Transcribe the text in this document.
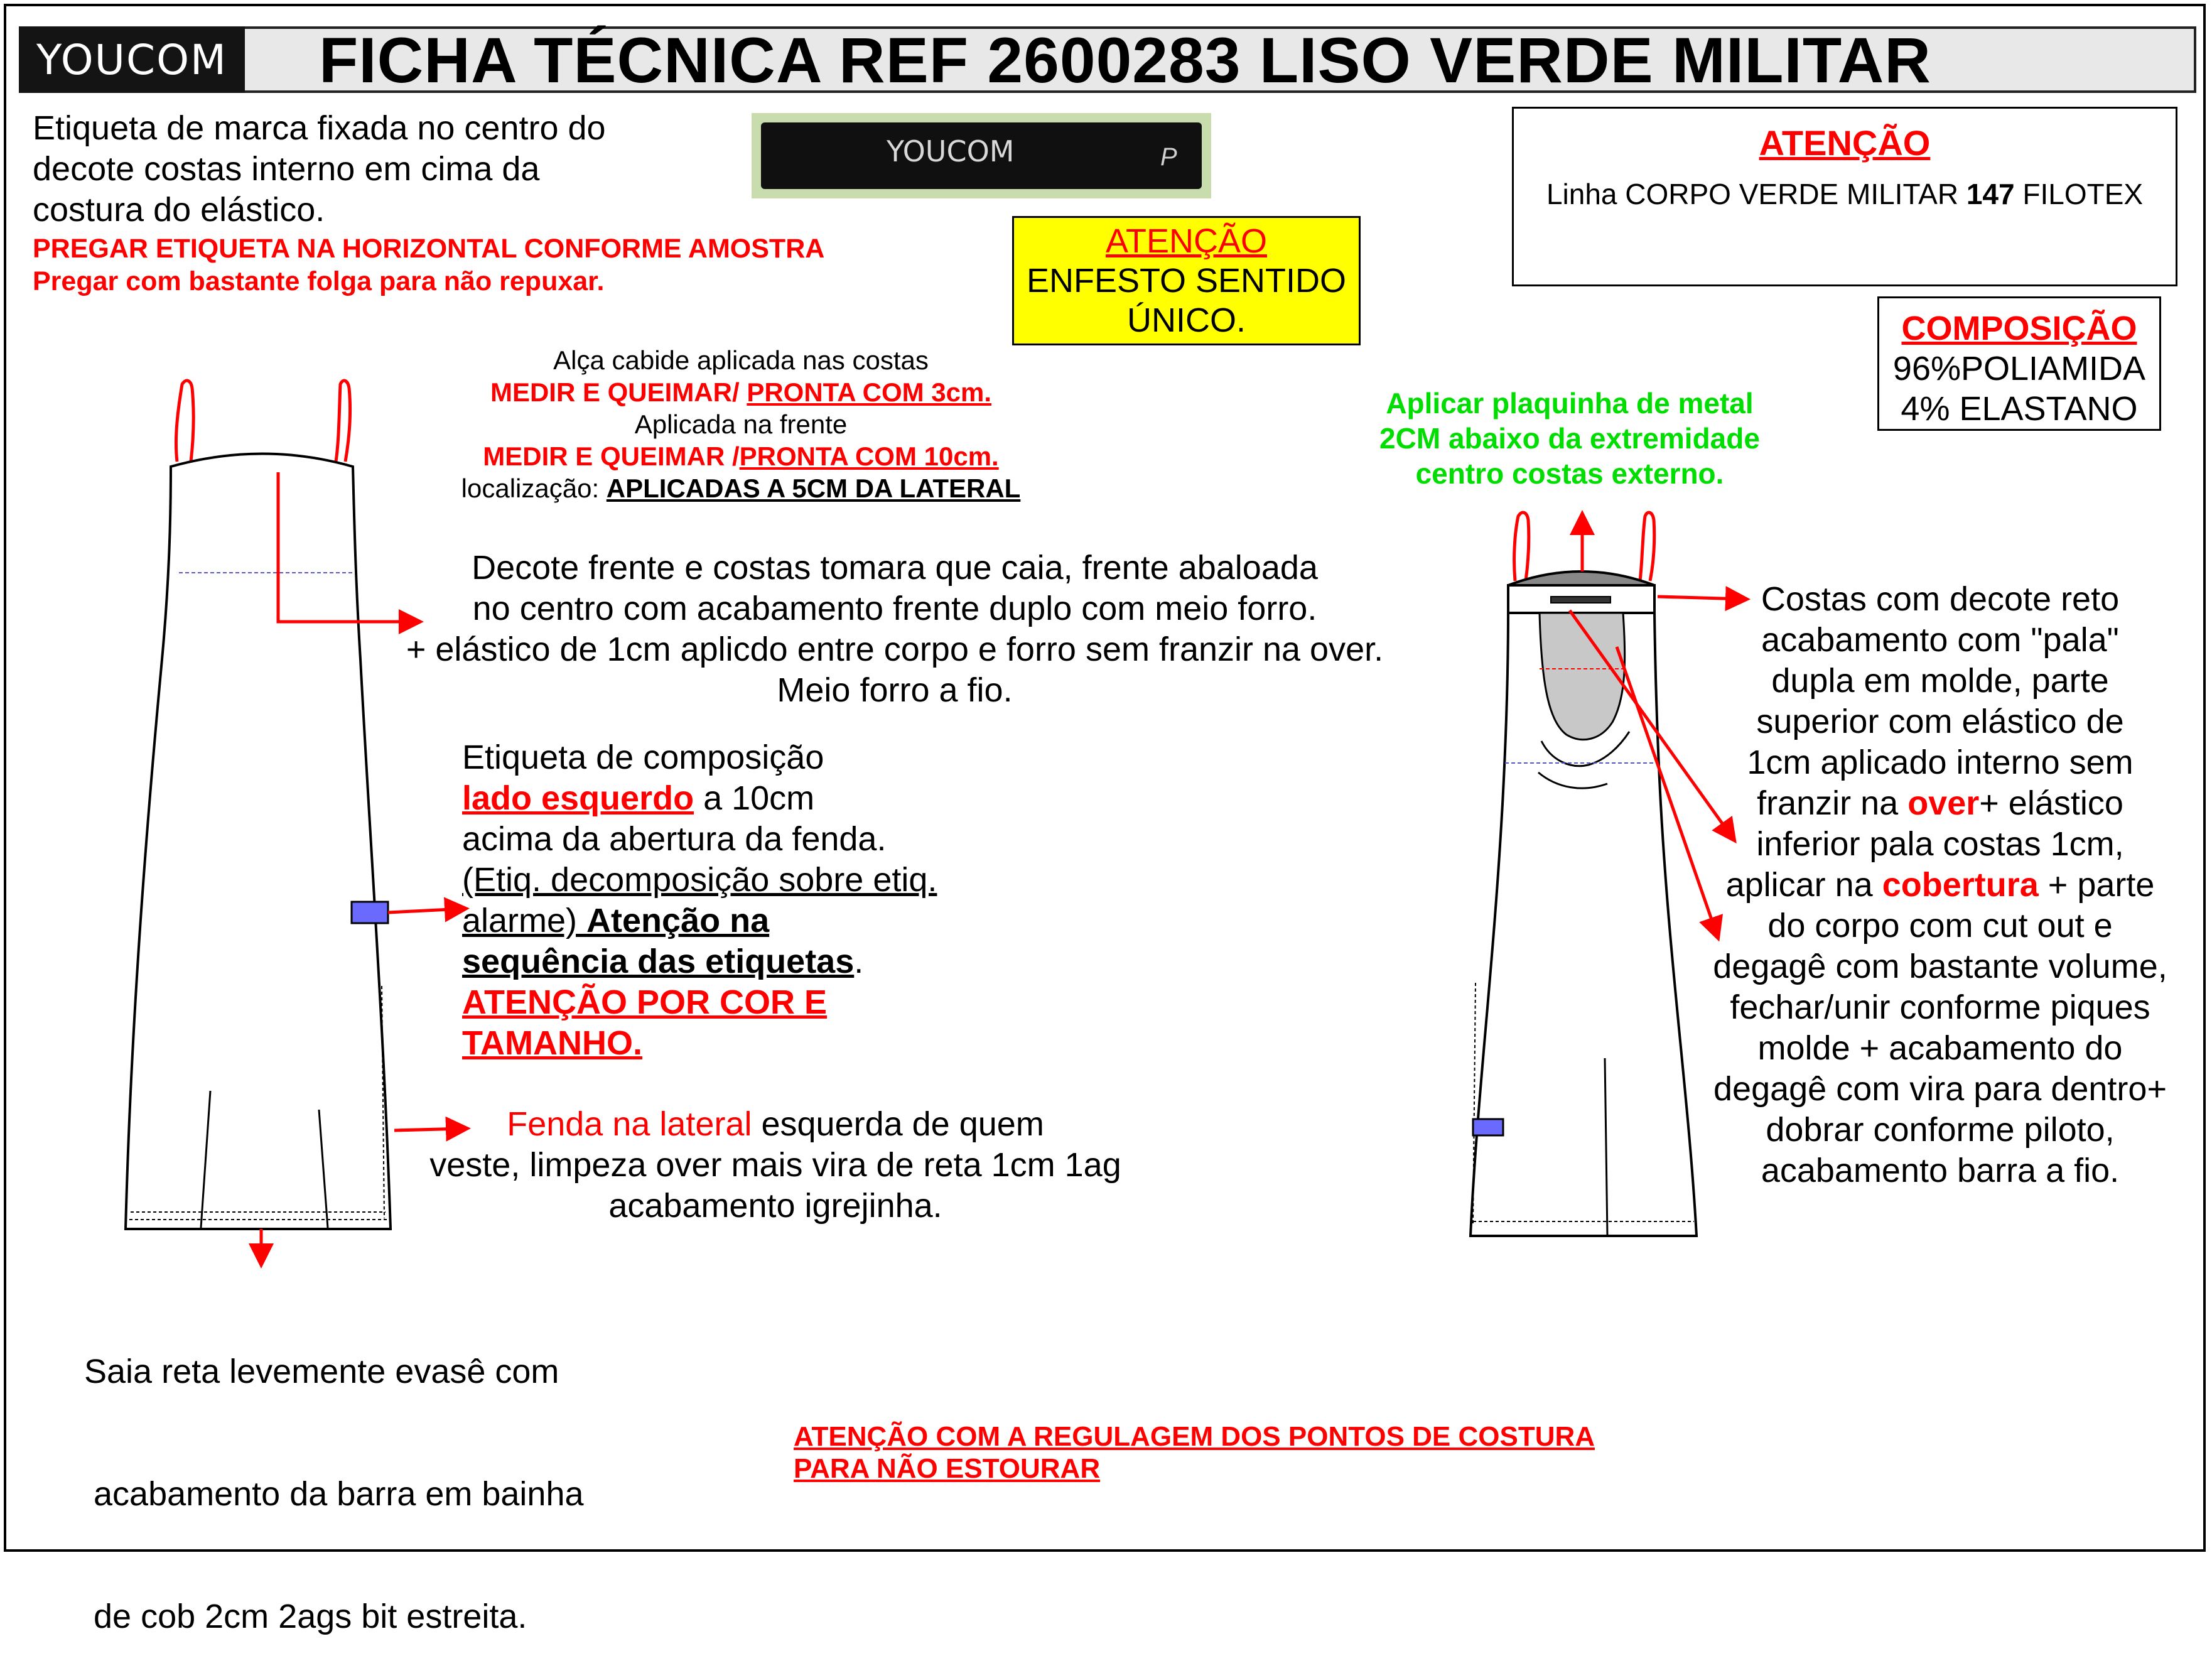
YOUCOM FICHA TÉCNICA REF 2600283 LISO VERDE MILITAR
Etiqueta de marca fixada no centro do
decote costas interno em cima da
costura do elástico.
PREGAR ETIQUETA NA HORIZONTAL CONFORME AMOSTRA
Pregar com bastante folga para não repuxar.
YOUCOM	P
ATENÇÃO
ENFESTO SENTIDO
ÚNICO.
ATENÇÃO
Linha CORPO VERDE MILITAR 147 FILOTEX
COMPOSIÇÃO
96%POLIAMIDA
4% ELASTANO
Alça cabide aplicada nas costas
MEDIR E QUEIMAR/ PRONTA COM 3cm.
Aplicada na frente
MEDIR E QUEIMAR /PRONTA COM 10cm.
localização: APLICADAS A 5CM DA LATERAL
Aplicar plaquinha de metal
2CM abaixo da extremidade
centro costas externo.
Decote frente e costas tomara que caia, frente abaloada
no centro com acabamento frente duplo com meio forro.
+ elástico de 1cm aplicdo entre corpo e forro sem franzir na over.
Meio forro a fio.
Etiqueta de composição
lado esquerdo a 10cm
acima da abertura da fenda.
(Etiq. decomposição sobre etiq.
alarme) Atenção na
sequência das etiquetas.
ATENÇÃO POR COR E
TAMANHO.
Fenda na lateral esquerda de quem
veste, limpeza over mais vira de reta 1cm 1ag
acabamento igrejinha.

Saia reta levemente evasê com

acabamento da barra em bainha

de cob 2cm 2ags bit estreita.

Costas com decote reto
acabamento com "pala"
dupla em molde, parte
superior com elástico de
1cm aplicado interno sem
franzir na over+ elástico
inferior pala costas 1cm,
aplicar na cobertura + parte
do corpo com cut out e
degagê com bastante volume,
fechar/unir conforme piques
molde + acabamento do
degagê com vira para dentro+
dobrar conforme piloto,
acabamento barra a fio.
ATENÇÃO COM A REGULAGEM DOS PONTOS DE COSTURA
PARA NÃO ESTOURAR
